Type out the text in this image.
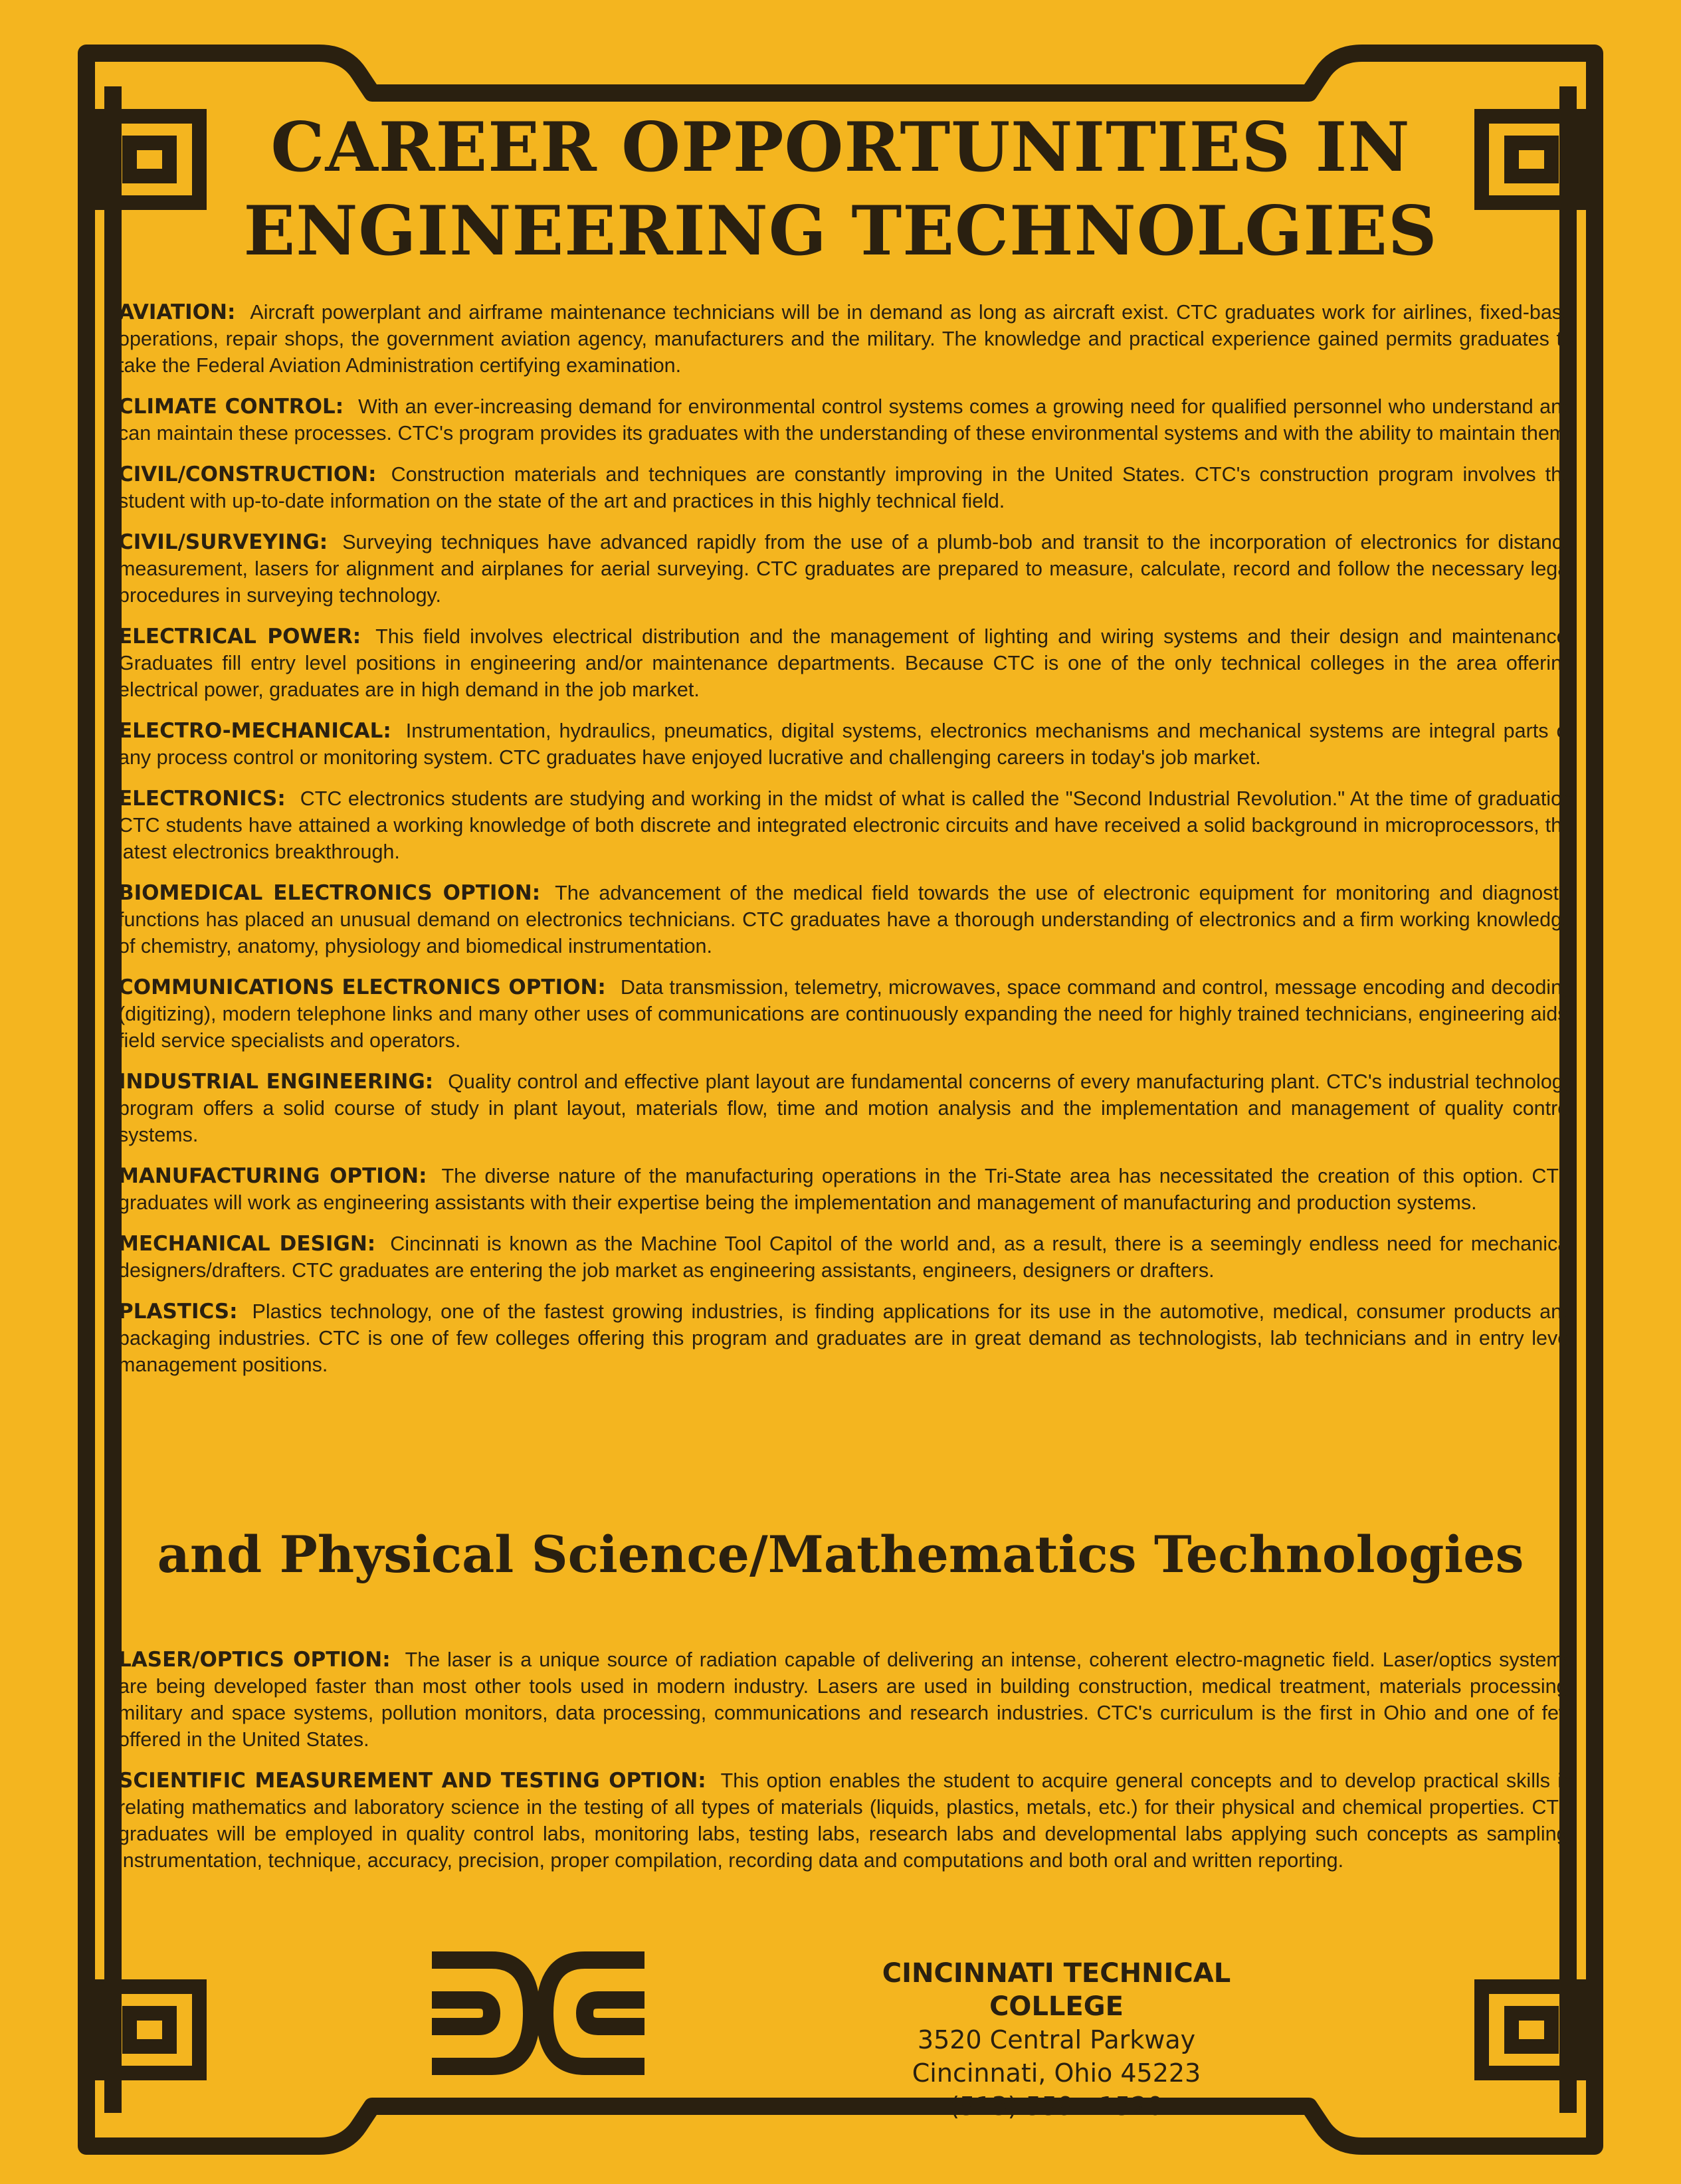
CAREER OPPORTUNITIES IN
ENGINEERING TECHNOLGIES

AVIATION: Aircraft powerplant and airframe maintenance technicians will be in demand as long as aircraft exist. CTC graduates work for airlines, fixed-base operations, repair shops, the government aviation agency, manufacturers and the military. The knowledge and practical experience gained permits graduates to take the Federal Aviation Administration certifying examination.

CLIMATE CONTROL: With an ever-increasing demand for environmental control systems comes a growing need for qualified personnel who understand and can maintain these processes. CTC's program provides its graduates with the understanding of these environmental systems and with the ability to maintain them.

CIVIL/CONSTRUCTION: Construction materials and techniques are constantly improving in the United States. CTC's construction program involves the student with up-to-date information on the state of the art and practices in this highly technical field.

CIVIL/SURVEYING: Surveying techniques have advanced rapidly from the use of a plumb-bob and transit to the incorporation of electronics for distance measurement, lasers for alignment and airplanes for aerial surveying. CTC graduates are prepared to measure, calculate, record and follow the necessary legal procedures in surveying technology.

ELECTRICAL POWER: This field involves electrical distribution and the management of lighting and wiring systems and their design and maintenance. Graduates fill entry level positions in engineering and/or maintenance departments. Because CTC is one of the only technical colleges in the area offering electrical power, graduates are in high demand in the job market.

ELECTRO-MECHANICAL: Instrumentation, hydraulics, pneumatics, digital systems, electronics mechanisms and mechanical systems are integral parts of any process control or monitoring system. CTC graduates have enjoyed lucrative and challenging careers in today's job market.

ELECTRONICS: CTC electronics students are studying and working in the midst of what is called the "Second Industrial Revolution." At the time of graduation CTC students have attained a working knowledge of both discrete and integrated electronic circuits and have received a solid background in microprocessors, the latest electronics breakthrough.

BIOMEDICAL ELECTRONICS OPTION: The advancement of the medical field towards the use of electronic equipment for monitoring and diagnostic functions has placed an unusual demand on electronics technicians. CTC graduates have a thorough understanding of electronics and a firm working knowledge of chemistry, anatomy, physiology and biomedical instrumentation.

COMMUNICATIONS ELECTRONICS OPTION: Data transmission, telemetry, microwaves, space command and control, message encoding and decoding (digitizing), modern telephone links and many other uses of communications are continuously expanding the need for highly trained technicians, engineering aids, field service specialists and operators.

INDUSTRIAL ENGINEERING: Quality control and effective plant layout are fundamental concerns of every manufacturing plant. CTC's industrial technology program offers a solid course of study in plant layout, materials flow, time and motion analysis and the implementation and management of quality control systems.

MANUFACTURING OPTION: The diverse nature of the manufacturing operations in the Tri-State area has necessitated the creation of this option. CTC graduates will work as engineering assistants with their expertise being the implementation and management of manufacturing and production systems.

MECHANICAL DESIGN: Cincinnati is known as the Machine Tool Capitol of the world and, as a result, there is a seemingly endless need for mechanical designers/drafters. CTC graduates are entering the job market as engineering assistants, engineers, designers or drafters.

PLASTICS: Plastics technology, one of the fastest growing industries, is finding applications for its use in the automotive, medical, consumer products and packaging industries. CTC is one of few colleges offering this program and graduates are in great demand as technologists, lab technicians and in entry level management positions.

and Physical Science/Mathematics Technologies

LASER/OPTICS OPTION: The laser is a unique source of radiation capable of delivering an intense, coherent electro-magnetic field. Laser/optics systems are being developed faster than most other tools used in modern industry. Lasers are used in building construction, medical treatment, materials processing, military and space systems, pollution monitors, data processing, communications and research industries. CTC's curriculum is the first in Ohio and one of few offered in the United States.

SCIENTIFIC MEASUREMENT AND TESTING OPTION: This option enables the student to acquire general concepts and to develop practical skills in relating mathematics and laboratory science in the testing of all types of materials (liquids, plastics, metals, etc.) for their physical and chemical properties. CTC graduates will be employed in quality control labs, monitoring labs, testing labs, research labs and developmental labs applying such concepts as sampling, instrumentation, technique, accuracy, precision, proper compilation, recording data and computations and both oral and written reporting.

CINCINNATI TECHNICAL COLLEGE
3520 Central Parkway
Cincinnati, Ohio 45223
(513) 559 - 1520
